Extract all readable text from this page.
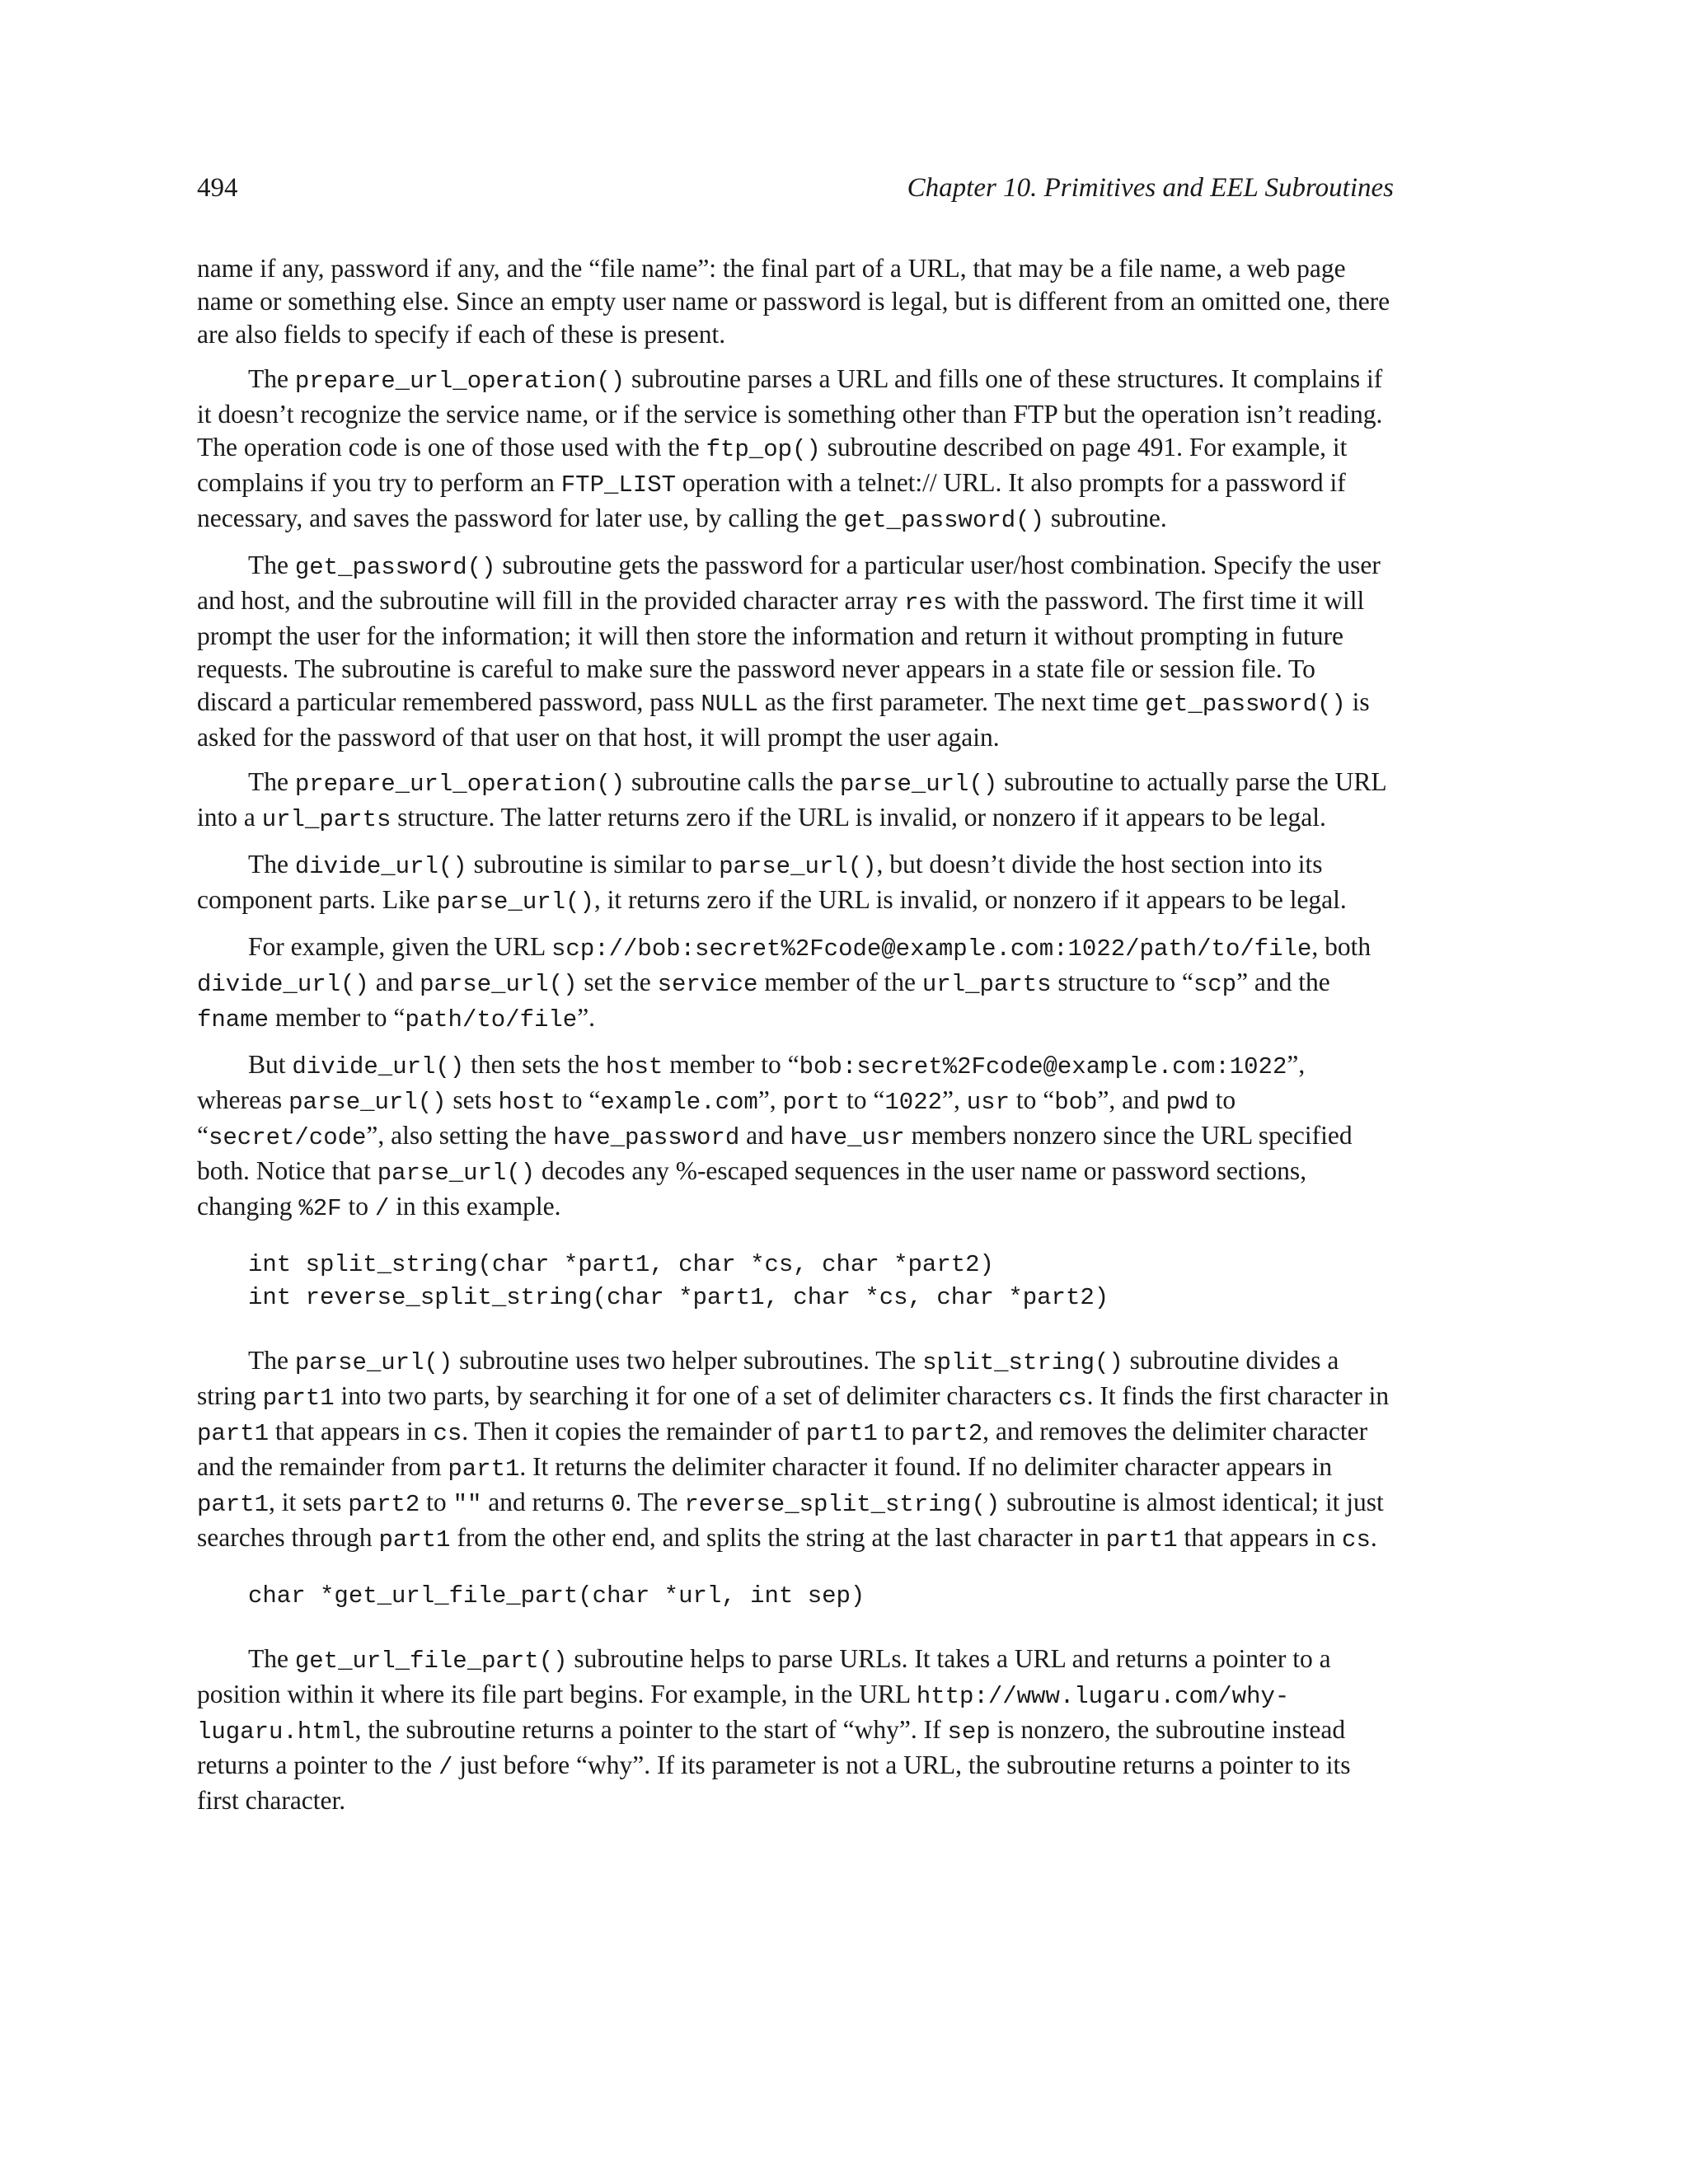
494	Chapter 10. Primitives and EEL Subroutines

name if any, password if any, and the “file name”: the final part of a URL, that may be a file name, a web page name or something else. Since an empty user name or password is legal, but is different from an omitted one, there are also fields to specify if each of these is present.

The prepare_url_operation() subroutine parses a URL and fills one of these structures. It complains if it doesn’t recognize the service name, or if the service is something other than FTP but the operation isn’t reading. The operation code is one of those used with the ftp_op() subroutine described on page 491. For example, it complains if you try to perform an FTP_LIST operation with a telnet:// URL. It also prompts for a password if necessary, and saves the password for later use, by calling the get_password() subroutine.

The get_password() subroutine gets the password for a particular user/host combination. Specify the user and host, and the subroutine will fill in the provided character array res with the password. The first time it will prompt the user for the information; it will then store the information and return it without prompting in future requests. The subroutine is careful to make sure the password never appears in a state file or session file. To discard a particular remembered password, pass NULL as the first parameter. The next time get_password() is asked for the password of that user on that host, it will prompt the user again.

The prepare_url_operation() subroutine calls the parse_url() subroutine to actually parse the URL into a url_parts structure. The latter returns zero if the URL is invalid, or nonzero if it appears to be legal.

The divide_url() subroutine is similar to parse_url(), but doesn’t divide the host section into its component parts. Like parse_url(), it returns zero if the URL is invalid, or nonzero if it appears to be legal.

For example, given the URL scp://bob:secret%2Fcode@example.com:1022/path/to/file, both divide_url() and parse_url() set the service member of the url_parts structure to “scp” and the fname member to “path/to/file”.

But divide_url() then sets the host member to “bob:secret%2Fcode@example.com:1022”, whereas parse_url() sets host to “example.com”, port to “1022”, usr to “bob”, and pwd to “secret/code”, also setting the have_password and have_usr members nonzero since the URL specified both. Notice that parse_url() decodes any %-escaped sequences in the user name or password sections, changing %2F to / in this example.

int split_string(char *part1, char *cs, char *part2)
int reverse_split_string(char *part1, char *cs, char *part2)

The parse_url() subroutine uses two helper subroutines. The split_string() subroutine divides a string part1 into two parts, by searching it for one of a set of delimiter characters cs. It finds the first character in part1 that appears in cs. Then it copies the remainder of part1 to part2, and removes the delimiter character and the remainder from part1. It returns the delimiter character it found. If no delimiter character appears in part1, it sets part2 to "" and returns 0. The reverse_split_string() subroutine is almost identical; it just searches through part1 from the other end, and splits the string at the last character in part1 that appears in cs.

char *get_url_file_part(char *url, int sep)

The get_url_file_part() subroutine helps to parse URLs. It takes a URL and returns a pointer to a position within it where its file part begins. For example, in the URL http://www.lugaru.com/why-lugaru.html, the subroutine returns a pointer to the start of “why”. If sep is nonzero, the subroutine instead returns a pointer to the / just before “why”. If its parameter is not a URL, the subroutine returns a pointer to its first character.
